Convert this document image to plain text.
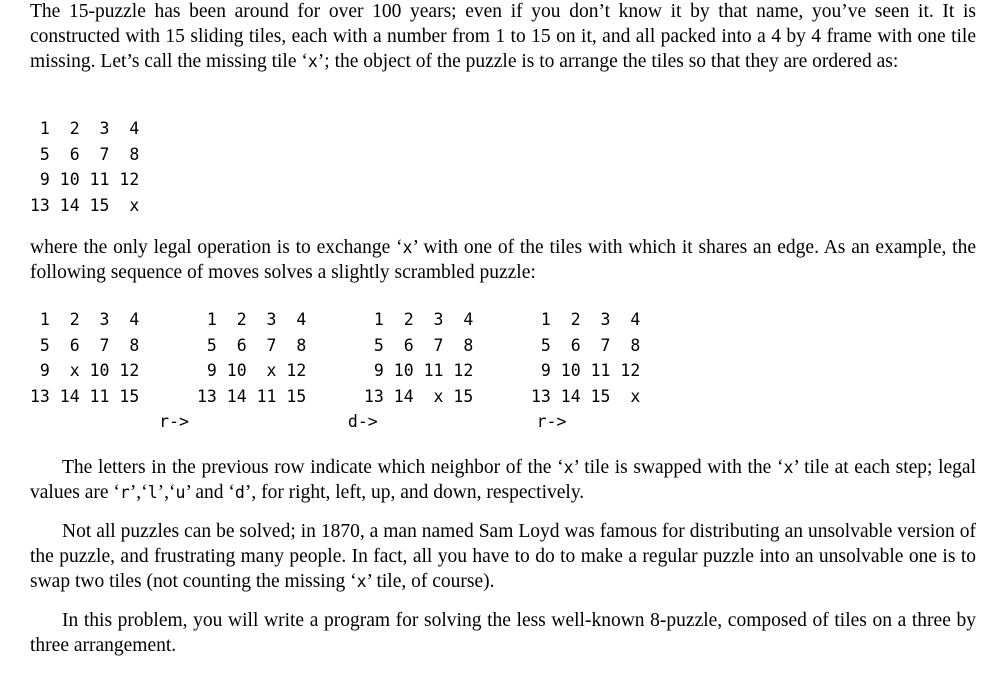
The 15-puzzle has been around for over 100 years; even if you don’t know it by that name, you’ve seen it. It is constructed with 15 sliding tiles, each with a number from 1 to 15 on it, and all packed into a 4 by 4 frame with one tile missing. Let’s call the missing tile ‘x’; the object of the puzzle is to arrange the tiles so that they are ordered as:

1  2  3  4
5  6  7  8
9 10 11 12
13 14 15  x

where the only legal operation is to exchange ‘x’ with one of the tiles with which it shares an edge. As an example, the following sequence of moves solves a slightly scrambled puzzle:

1  2  3  4
5  6  7  8
9  x 10 12
13 14 11 15
1  2  3  4
5  6  7  8
9 10  x 12
13 14 11 15
1  2  3  4
5  6  7  8
9 10 11 12
13 14  x 15
1  2  3  4
5  6  7  8
9 10 11 12
13 14 15  x
r->                d->                r->

The letters in the previous row indicate which neighbor of the ‘x’ tile is swapped with the ‘x’ tile at each step; legal values are ‘r’,‘l’,‘u’ and ‘d’, for right, left, up, and down, respectively.

Not all puzzles can be solved; in 1870, a man named Sam Loyd was famous for distributing an unsolvable version of the puzzle, and frustrating many people. In fact, all you have to do to make a regular puzzle into an unsolvable one is to swap two tiles (not counting the missing ‘x’ tile, of course).

In this problem, you will write a program for solving the less well-known 8-puzzle, composed of tiles on a three by three arrangement.
